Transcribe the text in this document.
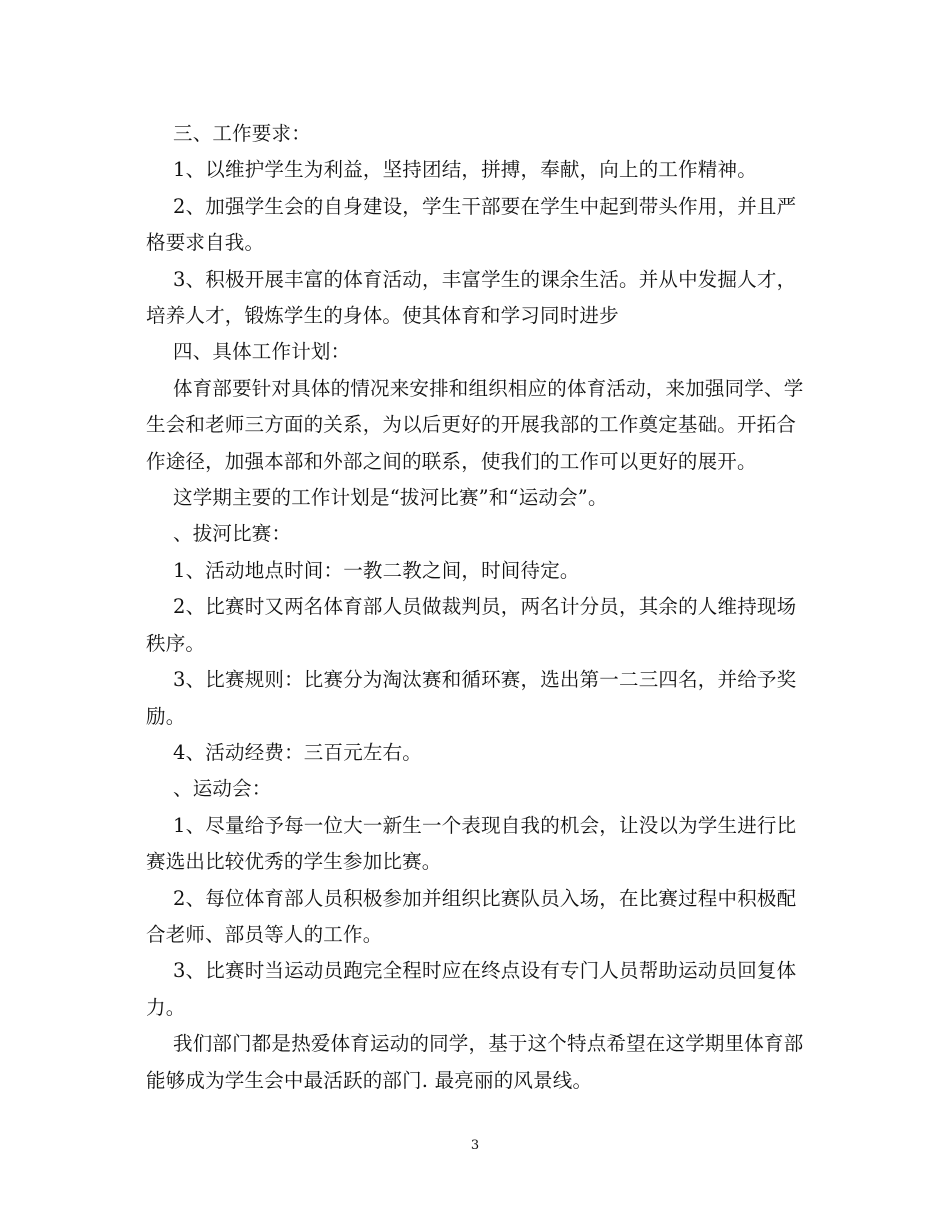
三、工作要求：

1、以维护学生为利益，坚持团结，拼搏，奉献，向上的工作精神。

2、加强学生会的自身建设，学生干部要在学生中起到带头作用，并且严格要求自我。

3、积极开展丰富的体育活动，丰富学生的课余生活。并从中发掘人才，培养人才，锻炼学生的身体。使其体育和学习同时进步

四、具体工作计划：

体育部要针对具体的情况来安排和组织相应的体育活动，来加强同学、学生会和老师三方面的关系，为以后更好的开展我部的工作奠定基础。开拓合作途径，加强本部和外部之间的联系，使我们的工作可以更好的展开。

这学期主要的工作计划是“拔河比赛”和“运动会”。

、拔河比赛：

1、活动地点时间：一教二教之间，时间待定。

2、比赛时又两名体育部人员做裁判员，两名计分员，其余的人维持现场秩序。

3、比赛规则：比赛分为淘汰赛和循环赛，选出第一二三四名，并给予奖励。

4、活动经费：三百元左右。

、运动会：

1、尽量给予每一位大一新生一个表现自我的机会，让没以为学生进行比赛选出比较优秀的学生参加比赛。

2、每位体育部人员积极参加并组织比赛队员入场，在比赛过程中积极配合老师、部员等人的工作。

3、比赛时当运动员跑完全程时应在终点设有专门人员帮助运动员回复体力。

我们部门都是热爱体育运动的同学，基于这个特点希望在这学期里体育部能够成为学生会中最活跃的部门. 最亮丽的风景线。

3
